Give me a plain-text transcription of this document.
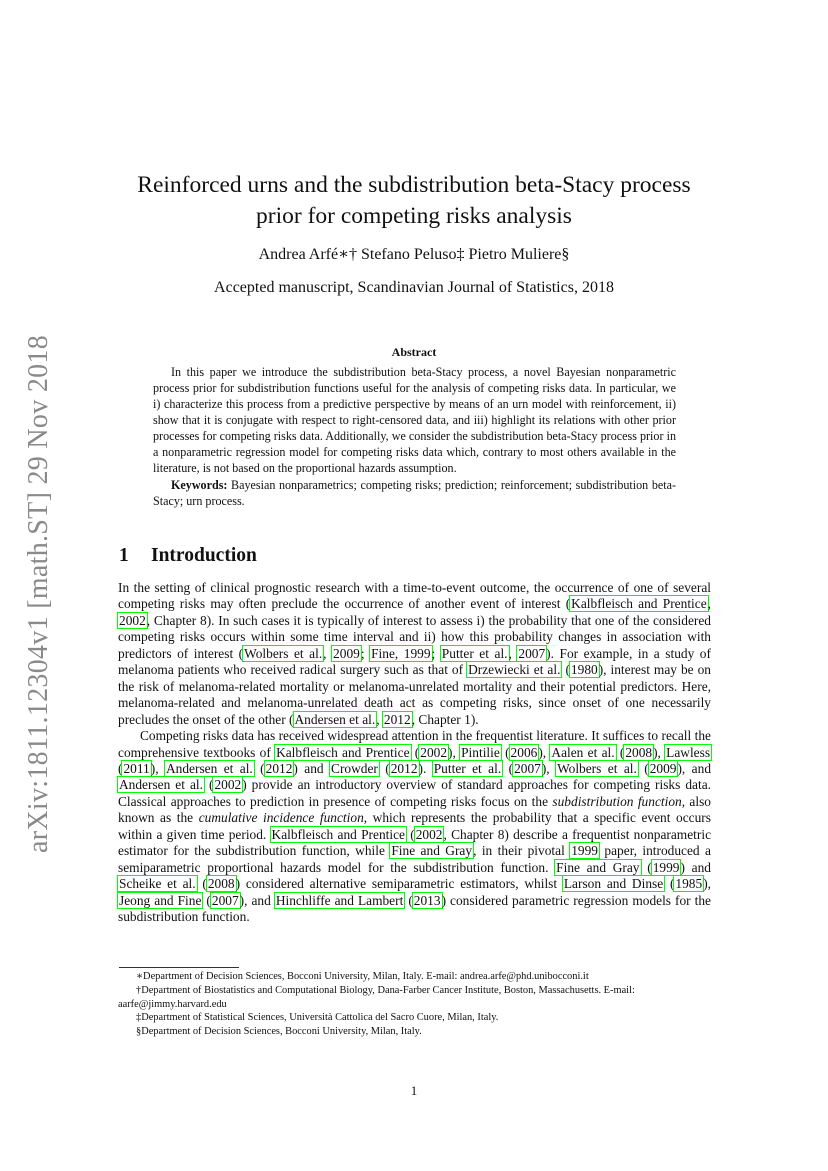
arXiv:1811.12304v1 [math.ST] 29 Nov 2018
Reinforced urns and the subdistribution beta-Stacy process
prior for competing risks analysis
Andrea Arfé∗† Stefano Peluso‡ Pietro Muliere§
Accepted manuscript, Scandinavian Journal of Statistics, 2018
Abstract

In this paper we introduce the subdistribution beta-Stacy process, a novel Bayesian nonparametric process prior for subdistribution functions useful for the analysis of competing risks data. In particular, we i) characterize this process from a predictive perspective by means of an urn model with reinforcement, ii) show that it is conjugate with respect to right-censored data, and iii) highlight its relations with other prior processes for competing risks data. Additionally, we consider the subdistribution beta-Stacy process prior in a nonparametric regression model for competing risks data which, contrary to most others available in the literature, is not based on the proportional hazards assumption.

Keywords: Bayesian nonparametrics; competing risks; prediction; reinforcement; subdistribution beta-Stacy; urn process.

1 Introduction

In the setting of clinical prognostic research with a time-to-event outcome, the occurrence of one of several competing risks may often preclude the occurrence of another event of interest (Kalbfleisch and Prentice, 2002, Chapter 8). In such cases it is typically of interest to assess i) the probability that one of the considered competing risks occurs within some time interval and ii) how this probability changes in association with predictors of interest (Wolbers et al., 2009; Fine, 1999; Putter et al., 2007). For example, in a study of melanoma patients who received radical surgery such as that of Drzewiecki et al. (1980), interest may be on the risk of melanoma-related mortality or melanoma-unrelated mortality and their potential predictors. Here, melanoma-related and melanoma-unrelated death act as competing risks, since onset of one necessarily precludes the onset of the other (Andersen et al., 2012, Chapter 1).

Competing risks data has received widespread attention in the frequentist literature. It suffices to recall the comprehensive textbooks of Kalbfleisch and Prentice (2002), Pintilie (2006), Aalen et al. (2008), Lawless (2011), Andersen et al. (2012) and Crowder (2012). Putter et al. (2007), Wolbers et al. (2009), and Andersen et al. (2002) provide an introductory overview of standard approaches for competing risks data. Classical approaches to prediction in presence of competing risks focus on the subdistribution function, also known as the cumulative incidence function, which represents the probability that a specific event occurs within a given time period. Kalbfleisch and Prentice (2002, Chapter 8) describe a frequentist nonparametric estimator for the subdistribution function, while Fine and Gray, in their pivotal 1999 paper, introduced a semiparametric proportional hazards model for the subdistribution function. Fine and Gray (1999) and Scheike et al. (2008) considered alternative semiparametric estimators, whilst Larson and Dinse (1985), Jeong and Fine (2007), and Hinchliffe and Lambert (2013) considered parametric regression models for the subdistribution function.

∗Department of Decision Sciences, Bocconi University, Milan, Italy. E-mail: andrea.arfe@phd.unibocconi.it

†Department of Biostatistics and Computational Biology, Dana-Farber Cancer Institute, Boston, Massachusetts. E-mail: aarfe@jimmy.harvard.edu

‡Department of Statistical Sciences, Università Cattolica del Sacro Cuore, Milan, Italy.

§Department of Decision Sciences, Bocconi University, Milan, Italy.

1
